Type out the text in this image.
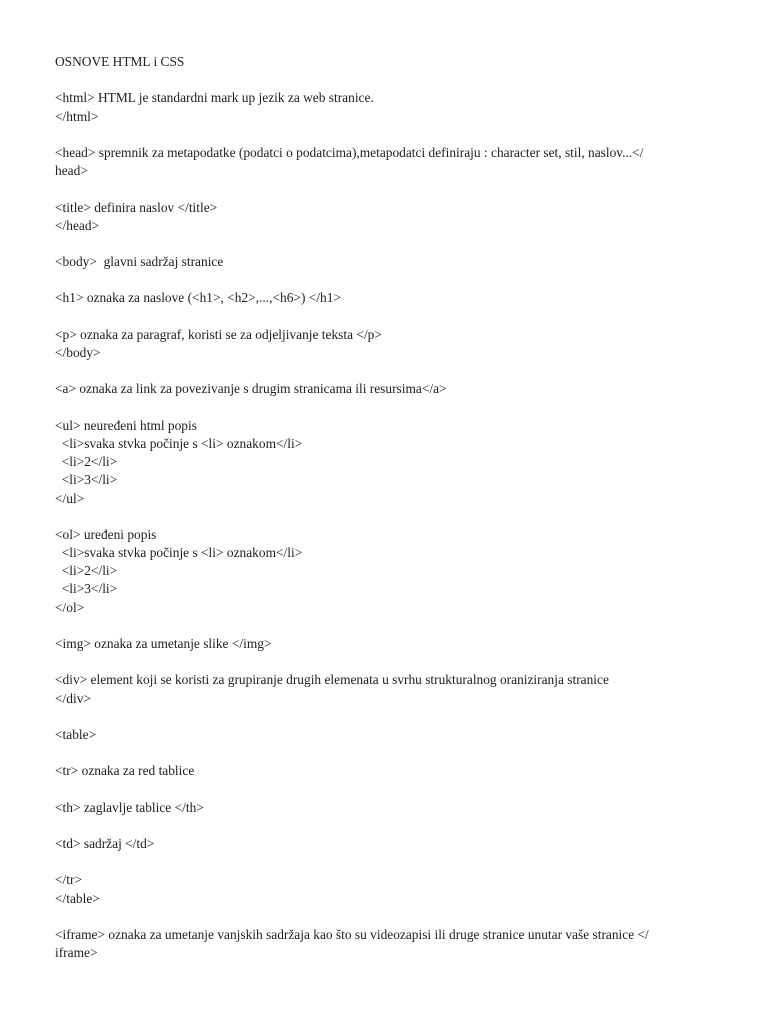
OSNOVE HTML i CSS
<html> HTML je standardni mark up jezik za web stranice.
</html>
<head> spremnik za metapodatke (podatci o podatcima),metapodatci definiraju : character set, stil, naslov...</
head>
<title> definira naslov </title>
</head>
<body>  glavni sadržaj stranice
<h1> oznaka za naslove (<h1>, <h2>,...,<h6>) </h1>
<p> oznaka za paragraf, koristi se za odjeljivanje teksta </p>
</body>
<a> oznaka za link za povezivanje s drugim stranicama ili resursima</a>
<ul> neuređeni html popis
<li>svaka stvka počinje s <li> oznakom</li>
<li>2</li>
<li>3</li>
</ul>
<ol> uređeni popis
<li>svaka stvka počinje s <li> oznakom</li>
<li>2</li>
<li>3</li>
</ol>
<img> oznaka za umetanje slike </img>
<div> element koji se koristi za grupiranje drugih elemenata u svrhu strukturalnog oraniziranja stranice
</div>
<table>
<tr> oznaka za red tablice
<th> zaglavlje tablice </th>
<td> sadržaj </td>
</tr>
</table>
<iframe> oznaka za umetanje vanjskih sadržaja kao što su videozapisi ili druge stranice unutar vaše stranice </
iframe>
